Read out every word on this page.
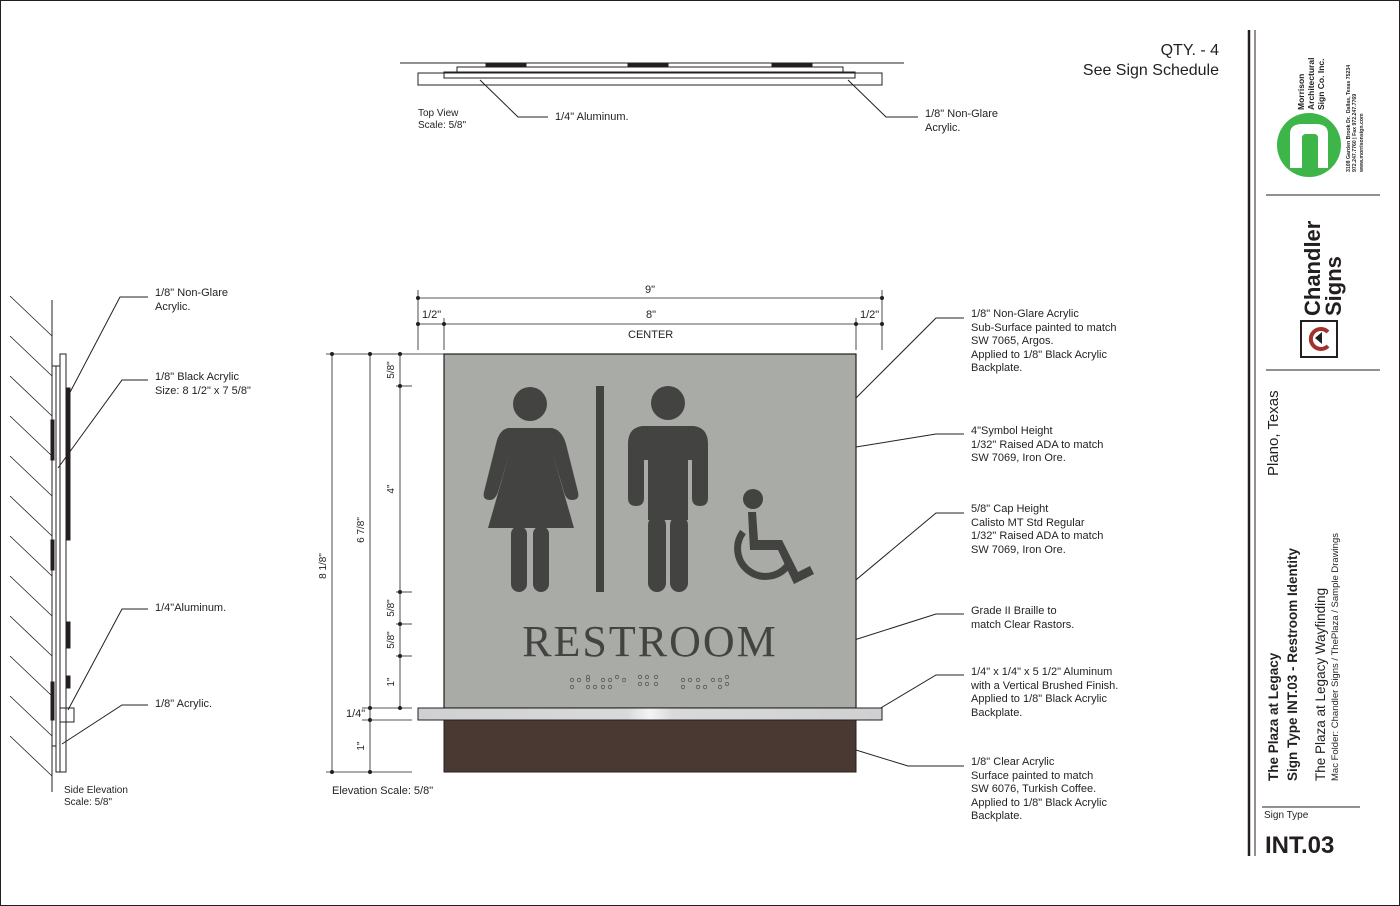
QTY. - 4
See Sign Schedule
RESTROOM
8 1/8"
6 7/8"
5/8"
4"
5/8"
5/8"
1"
1"
9"
1/2"	8"	1/2"
CENTER
1/4"
Elevation Scale: 5/8"
Top View
Scale: 5/8"
1/4" Aluminum.	1/8" Non-Glare
Acrylic.
1/8" Non-Glare
Acrylic.
1/8" Black Acrylic
Size: 8 1/2" x 7 5/8"
1/4"Aluminum.
1/8" Acrylic.
Side Elevation
Scale: 5/8"
1/8" Non-Glare Acrylic
Sub-Surface painted to match
SW 7065, Argos.
Applied to 1/8" Black Acrylic
Backplate.
4"Symbol Height
1/32" Raised ADA to match
SW 7069, Iron Ore.
5/8" Cap Height
Calisto MT Std Regular
1/32" Raised ADA to match
SW 7069, Iron Ore.
Grade II Braille to
match Clear Rastors.
1/4" x 1/4" x 5 1/2" Aluminum
with a Vertical Brushed Finish.
Applied to 1/8" Black Acrylic
Backplate.
1/8" Clear Acrylic
Surface painted to match
SW 6076, Turkish Coffee.
Applied to 1/8" Black Acrylic
Backplate.
Morrison
Architectural
Sign Co. Inc.
3108 Garden Brook Dr.  Dallas, Texas 75234
972.247.7760 | Fax 972.247.7769
www.morrisonsign.com
Chandler
Signs
Plano, Texas
The Plaza at Legacy Sign Type INT.03 - Restroom Identity The Plaza at Legacy Wayfinding Mac Folder: Chandler Signs / ThePlaza / Sample Drawings
Sign Type
INT.03
